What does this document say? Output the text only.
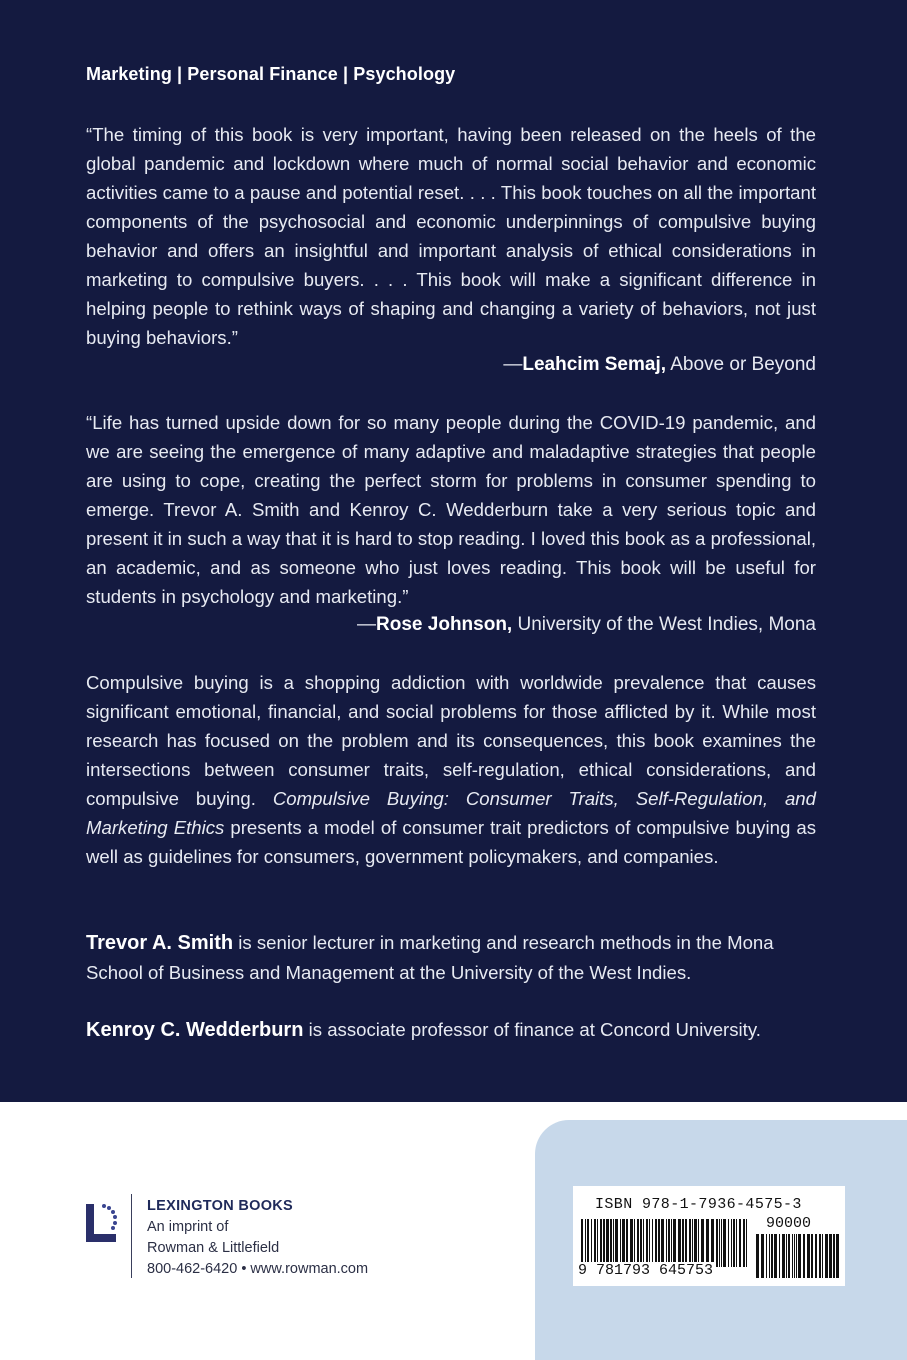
Marketing | Personal Finance | Psychology

“The timing of this book is very important, having been released on the heels of the global pandemic and lockdown where much of normal social behavior and economic activities came to a pause and potential reset. . . . This book touches on all the important components of the psychosocial and economic underpinnings of compulsive buying behavior and offers an insightful and important analysis of ethical considerations in marketing to compulsive buyers. . . . This book will make a significant difference in helping people to rethink ways of shaping and changing a variety of behaviors, not just buying behaviors.”

—Leahcim Semaj, Above or Beyond

“Life has turned upside down for so many people during the COVID-19 pandemic, and we are seeing the emergence of many adaptive and maladaptive strategies that people are using to cope, creating the perfect storm for problems in consumer spending to emerge. Trevor A. Smith and Kenroy C. Wedderburn take a very serious topic and present it in such a way that it is hard to stop reading. I loved this book as a professional, an academic, and as someone who just loves reading. This book will be useful for students in psychology and marketing.”

—Rose Johnson, University of the West Indies, Mona

Compulsive buying is a shopping addiction with worldwide prevalence that causes significant emotional, financial, and social problems for those afflicted by it. While most research has focused on the problem and its consequences, this book examines the intersections between consumer traits, self-regulation, ethical considerations, and compulsive buying. Compulsive Buying: Consumer Traits, Self-Regulation, and Marketing Ethics presents a model of consumer trait predictors of compulsive buying as well as guidelines for consumers, government policymakers, and companies.

Trevor A. Smith is senior lecturer in marketing and research methods in the Mona School of Business and Management at the University of the West Indies.

Kenroy C. Wedderburn is associate professor of finance at Concord University.

LEXINGTON BOOKS
An imprint of
Rowman & Littlefield
800-462-6420 • www.rowman.com
ISBN 978-1-7936-4575-3
90000
9 781793 645753
